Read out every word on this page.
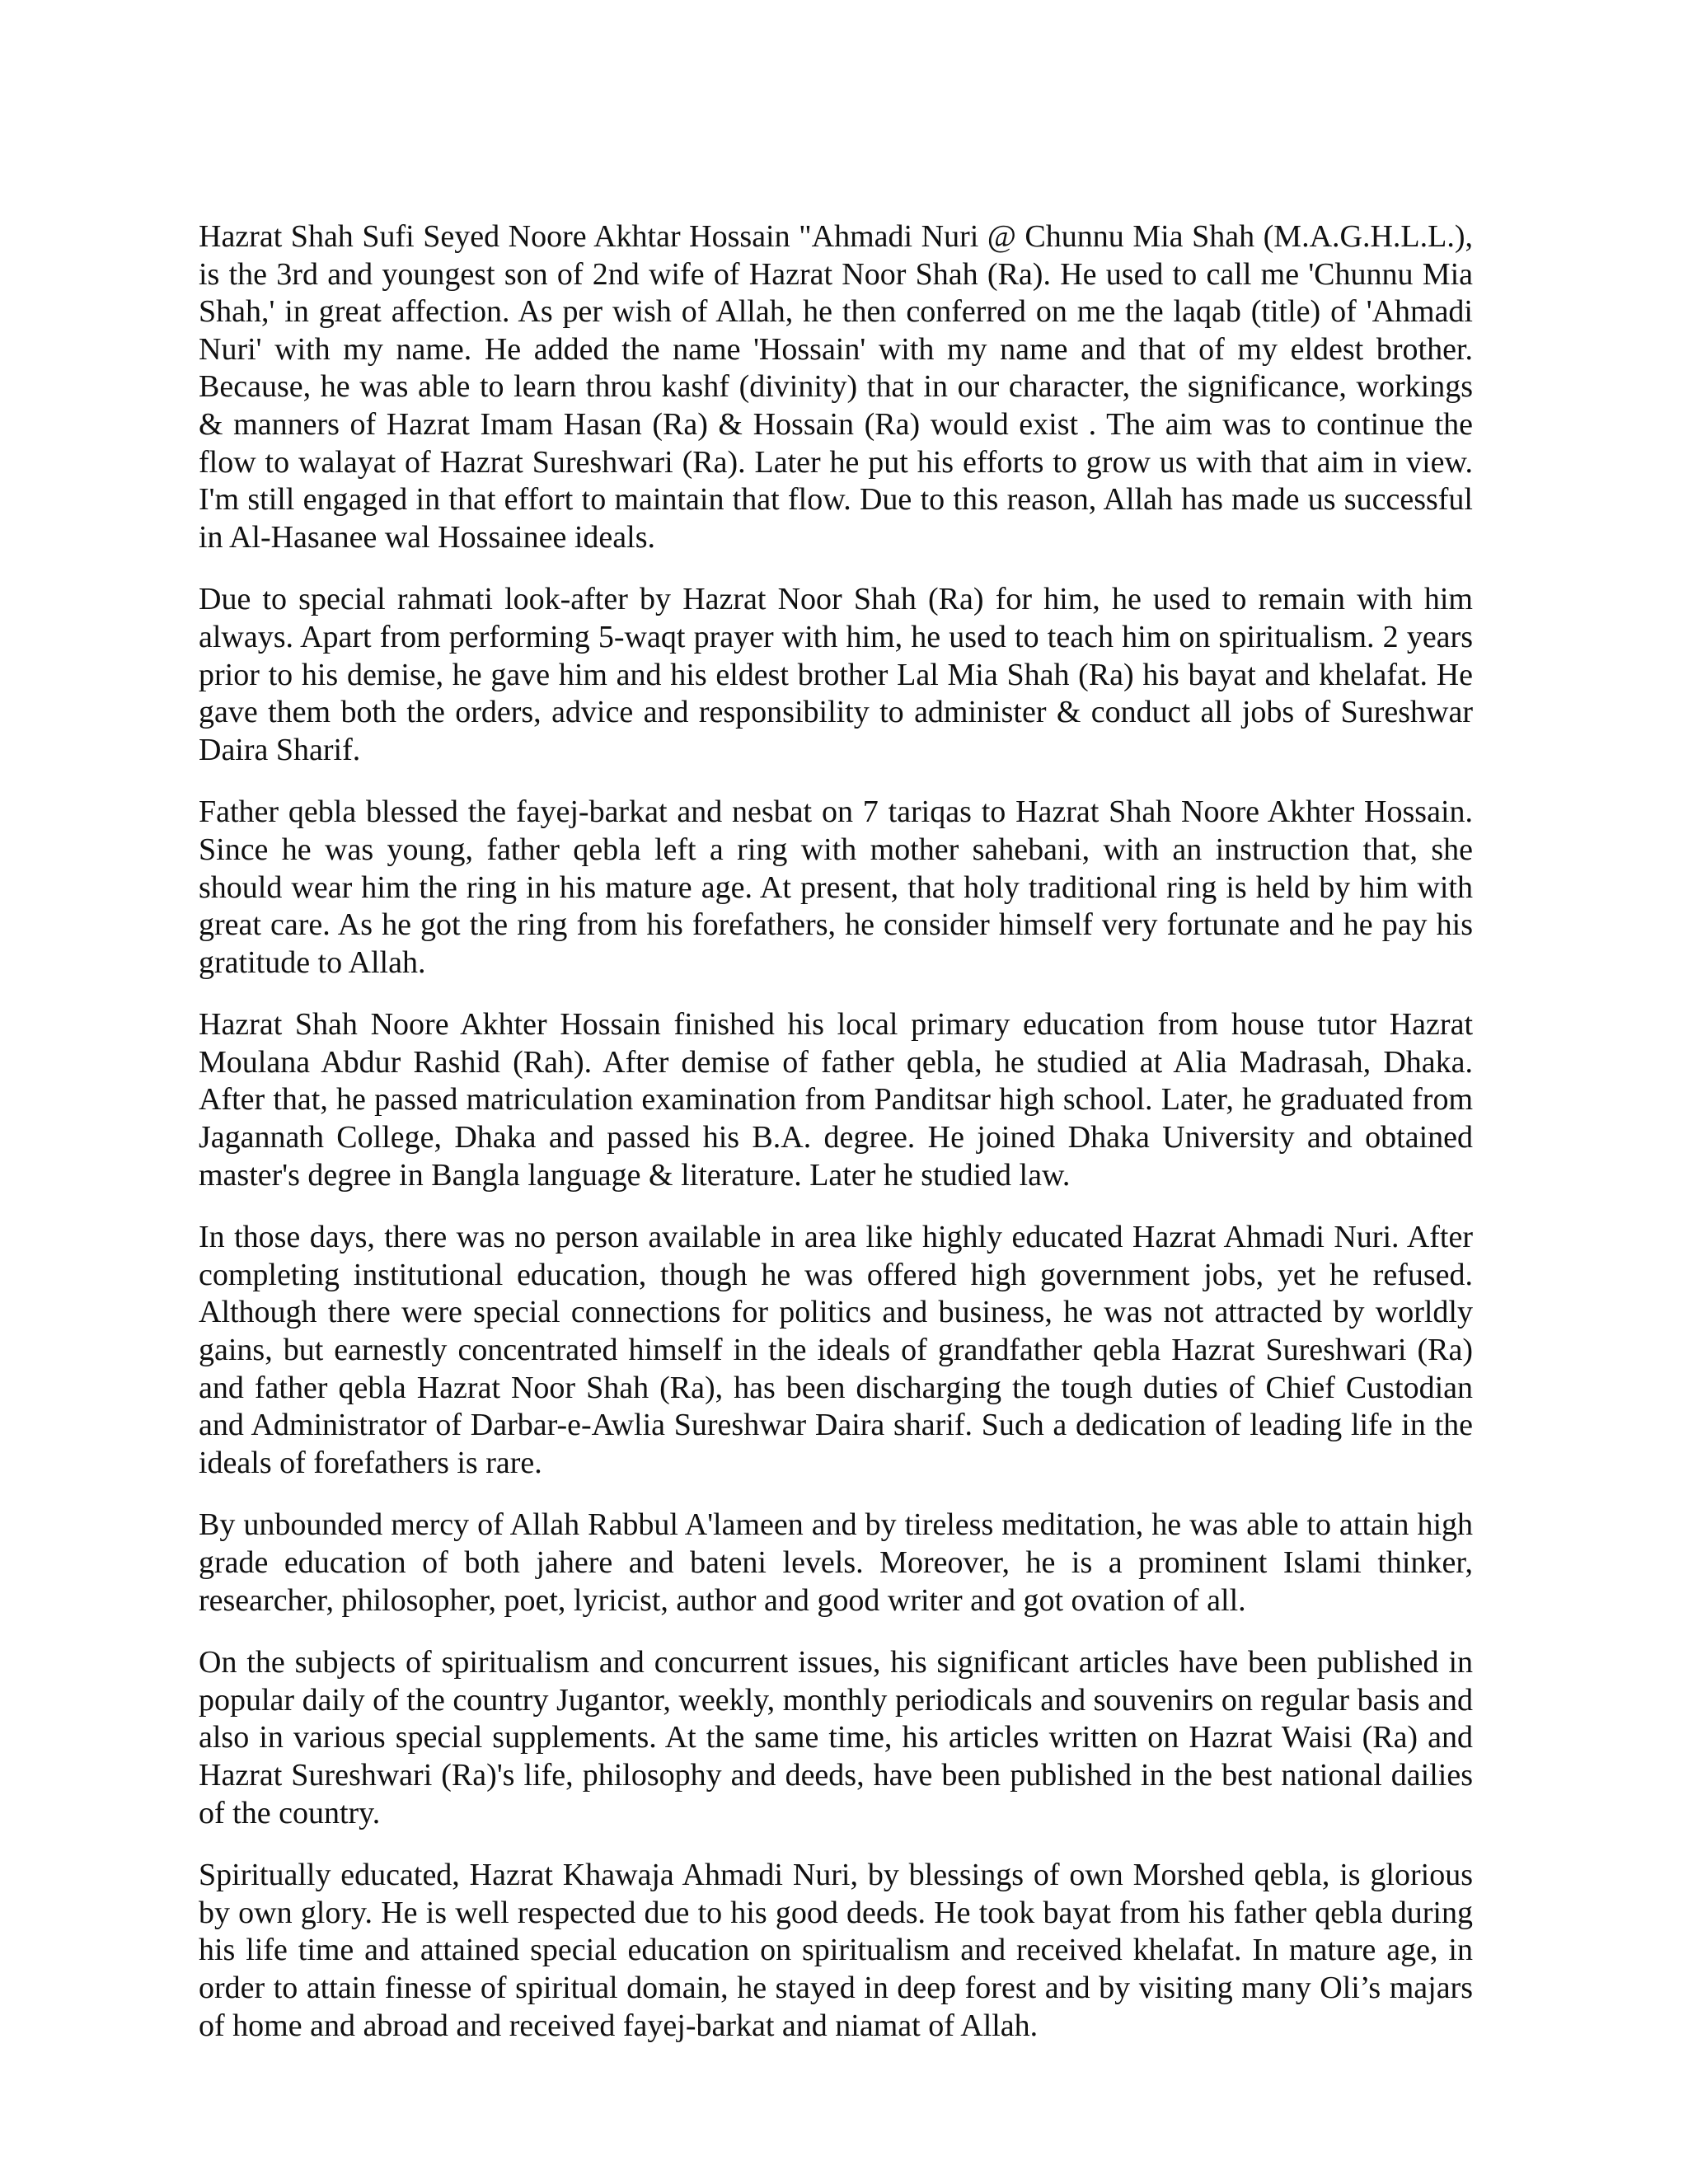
Hazrat Shah Sufi Seyed Noore Akhtar Hossain "Ahmadi Nuri @ Chunnu Mia Shah (M.A.G.H.L.L.), is the 3rd and youngest son of 2nd wife of Hazrat Noor Shah (Ra). He used to call me 'Chunnu Mia Shah,' in great affection. As per wish of Allah, he then conferred on me the laqab (title) of 'Ahmadi Nuri' with my name. He added the name 'Hossain' with my name and that of my eldest brother. Because, he was able to learn throu kashf (divinity) that in our character, the significance, workings & manners of Hazrat Imam Hasan (Ra) & Hossain (Ra) would exist . The aim was to continue the flow to walayat of Hazrat Sureshwari (Ra). Later he put his efforts to grow us with that aim in view. I'm still engaged in that effort to maintain that flow. Due to this reason, Allah has made us successful in Al-Hasanee wal Hossainee ideals.

Due to special rahmati look-after by Hazrat Noor Shah (Ra) for him, he used to remain with him always. Apart from performing 5-waqt prayer with him, he used to teach him on spiritualism. 2 years prior to his demise, he gave him and his eldest brother Lal Mia Shah (Ra) his bayat and khelafat. He gave them both the orders, advice and responsibility to administer & conduct all jobs of Sureshwar Daira Sharif.

Father qebla blessed the fayej-barkat and nesbat on 7 tariqas to Hazrat Shah Noore Akhter Hossain. Since he was young, father qebla left a ring with mother sahebani, with an instruction that, she should wear him the ring in his mature age. At present, that holy traditional ring is held by him with great care. As he got the ring from his forefathers, he consider himself very fortunate and he pay his gratitude to Allah.

Hazrat Shah Noore Akhter Hossain finished his local primary education from house tutor Hazrat Moulana Abdur Rashid (Rah). After demise of father qebla, he studied at Alia Madrasah, Dhaka. After that, he passed matriculation examination from Panditsar high school. Later, he graduated from Jagannath College, Dhaka and passed his B.A. degree. He joined Dhaka University and obtained master's degree in Bangla language & literature. Later he studied law.

In those days, there was no person available in area like highly educated Hazrat Ahmadi Nuri. After completing institutional education, though he was offered high government jobs, yet he refused. Although there were special connections for politics and business, he was not attracted by worldly gains, but earnestly concentrated himself in the ideals of grandfather qebla Hazrat Sureshwari (Ra) and father qebla Hazrat Noor Shah (Ra), has been discharging the tough duties of Chief Custodian and Administrator of Darbar-e-Awlia Sureshwar Daira sharif. Such a dedication of leading life in the ideals of forefathers is rare.

By unbounded mercy of Allah Rabbul A'lameen and by tireless meditation, he was able to attain high grade education of both jahere and bateni levels. Moreover, he is a prominent Islami thinker, researcher, philosopher, poet, lyricist, author and good writer and got ovation of all.

On the subjects of spiritualism and concurrent issues, his significant articles have been published in popular daily of the country Jugantor, weekly, monthly periodicals and souvenirs on regular basis and also in various special supplements. At the same time, his articles written on Hazrat Waisi (Ra) and Hazrat Sureshwari (Ra)'s life, philosophy and deeds, have been published in the best national dailies of the country.

Spiritually educated, Hazrat Khawaja Ahmadi Nuri, by blessings of own Morshed qebla, is glorious by own glory. He is well respected due to his good deeds. He took bayat from his father qebla during his life time and attained special education on spiritualism and received khelafat. In mature age, in order to attain finesse of spiritual domain, he stayed in deep forest and by visiting many Oli’s majars of home and abroad and received fayej-barkat and niamat of Allah.
